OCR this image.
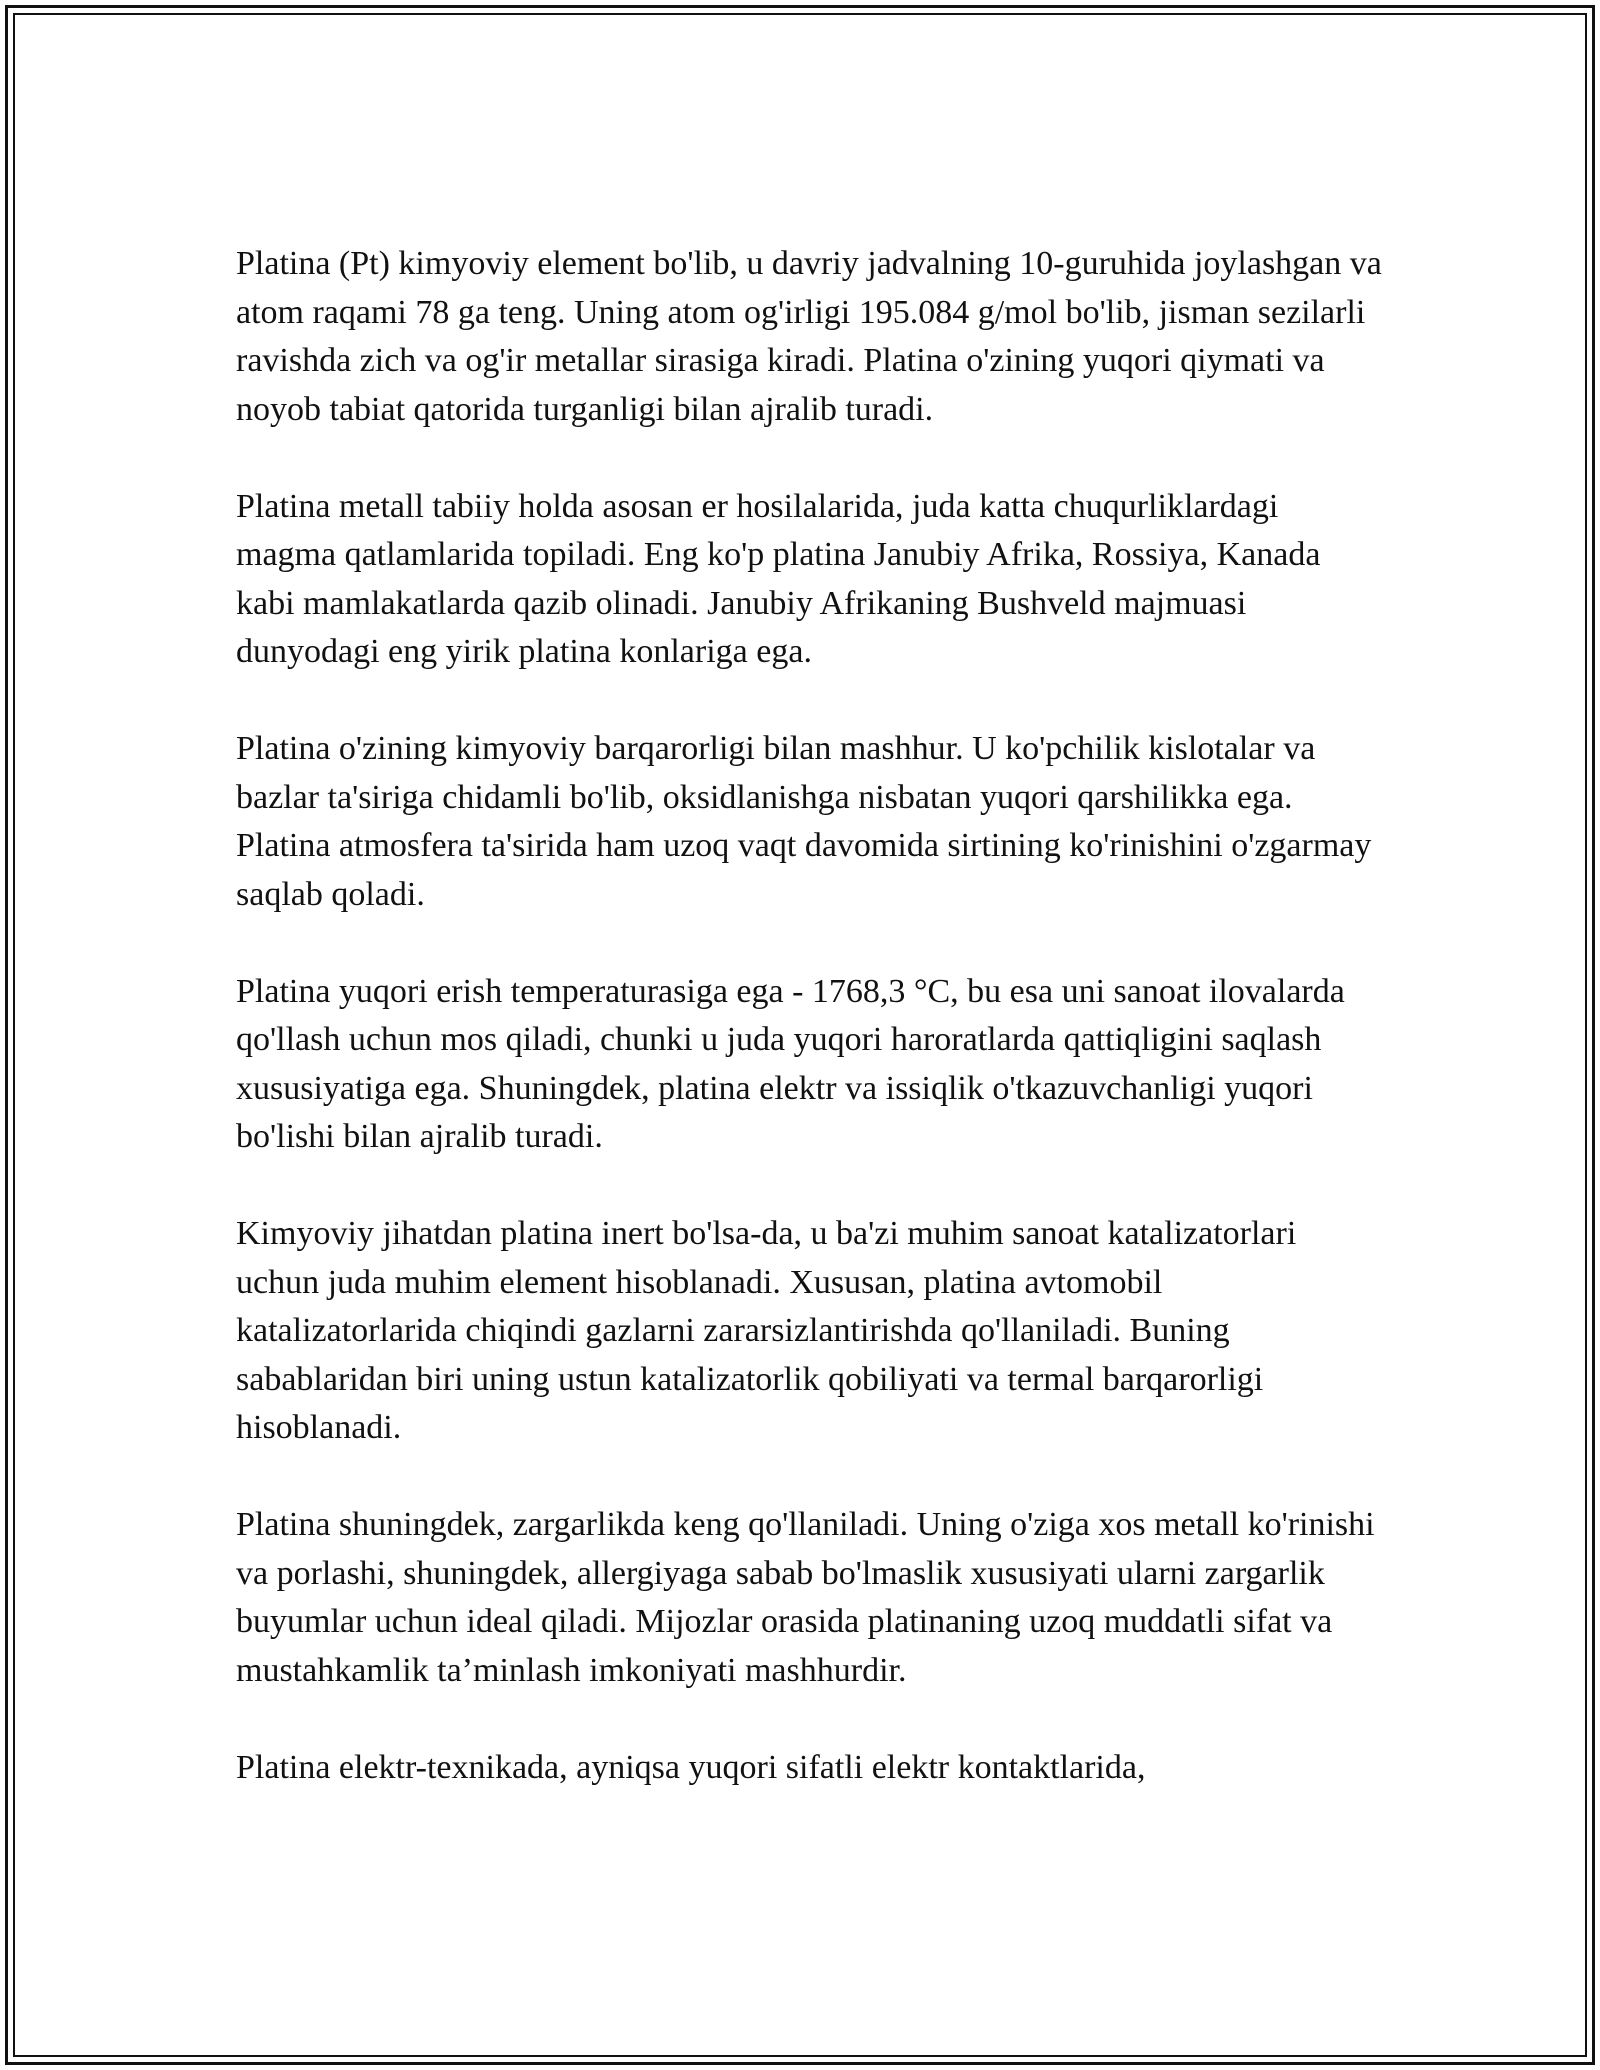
Platina (Pt) kimyoviy element bo'lib, u davriy jadvalning 10-guruhida joylashgan va atom raqami 78 ga teng. Uning atom og'irligi 195.084 g/mol bo'lib, jisman sezilarli ravishda zich va og'ir metallar sirasiga kiradi. Platina o'zining yuqori qiymati va noyob tabiat qatorida turganligi bilan ajralib turadi.

Platina metall tabiiy holda asosan er hosilalarida, juda katta chuqurliklardagi magma qatlamlarida topiladi. Eng ko'p platina Janubiy Afrika, Rossiya, Kanada kabi mamlakatlarda qazib olinadi. Janubiy Afrikaning Bushveld majmuasi dunyodagi eng yirik platina konlariga ega.

Platina o'zining kimyoviy barqarorligi bilan mashhur. U ko'pchilik kislotalar va bazlar ta'siriga chidamli bo'lib, oksidlanishga nisbatan yuqori qarshilikka ega. Platina atmosfera ta'sirida ham uzoq vaqt davomida sirtining ko'rinishini o'zgarmay saqlab qoladi.

Platina yuqori erish temperaturasiga ega - 1768,3 °C, bu esa uni sanoat ilovalarda qo'llash uchun mos qiladi, chunki u juda yuqori haroratlarda qattiqligini saqlash xususiyatiga ega. Shuningdek, platina elektr va issiqlik o'tkazuvchanligi yuqori bo'lishi bilan ajralib turadi.

Kimyoviy jihatdan platina inert bo'lsa-da, u ba'zi muhim sanoat katalizatorlari uchun juda muhim element hisoblanadi. Xususan, platina avtomobil katalizatorlarida chiqindi gazlarni zararsizlantirishda qo'llaniladi. Buning sabablaridan biri uning ustun katalizatorlik qobiliyati va termal barqarorligi hisoblanadi.

Platina shuningdek, zargarlikda keng qo'llaniladi. Uning o'ziga xos metall ko'rinishi va porlashi, shuningdek, allergiyaga sabab bo'lmaslik xususiyati ularni zargarlik buyumlar uchun ideal qiladi. Mijozlar orasida platinaning uzoq muddatli sifat va mustahkamlik ta’minlash imkoniyati mashhurdir.

Platina elektr-texnikada, ayniqsa yuqori sifatli elektr kontaktlarida,
